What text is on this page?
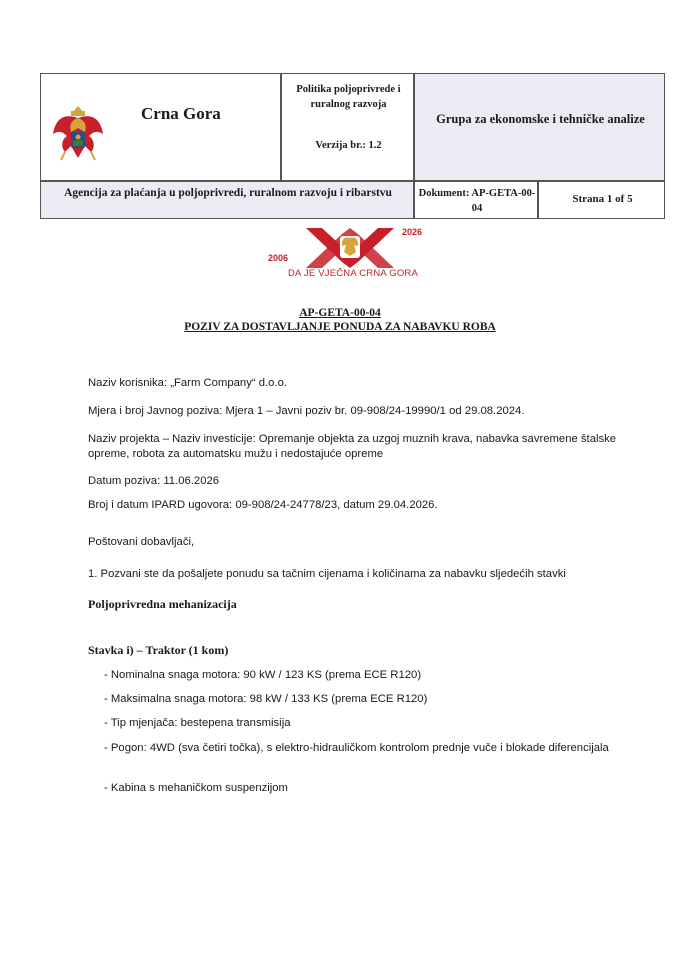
Crna Gora
Politika poljoprivrede i ruralnog razvoja
Verzija br.: 1.2
Grupa za ekonomske i tehničke analize
Agencija za plaćanja u poljoprivredi, ruralnom razvoju i ribarstvu	Dokument: AP-GETA-00-04
Strana 1 of 5
2006
2026
DA JE VJEČNA CRNA GORA
AP-GETA-00-04
POZIV ZA DOSTAVLJANJE PONUDA ZA NABAVKU ROBA
Naziv korisnika: „Farm Company“ d.o.o.
Mjera i broj Javnog poziva: Mjera 1 – Javni poziv br. 09-908/24-19990/1 od 29.08.2024.
Naziv projekta – Naziv investicije: Opremanje objekta za uzgoj muznih krava, nabavka savremene štalske opreme, robota za automatsku mužu i nedostajuće opreme
Datum poziva: 11.06.2026
Broj i datum IPARD ugovora: 09-908/24-24778/23, datum 29.04.2026.
Poštovani dobavljači,
1. Pozvani ste da pošaljete ponudu sa tačnim cijenama i količinama za nabavku sljedećih stavki
Poljoprivredna mehanizacija
Stavka i) – Traktor (1 kom)
- Nominalna snaga motora: 90 kW / 123 KS (prema ECE R120)
- Maksimalna snaga motora: 98 kW / 133 KS (prema ECE R120)
- Tip mjenjača: bestepena transmisija
- Pogon: 4WD (sva četiri točka), s elektro-hidrauličkom kontrolom prednje vuče i blokade diferencijala
- Kabina s mehaničkom suspenzijom
